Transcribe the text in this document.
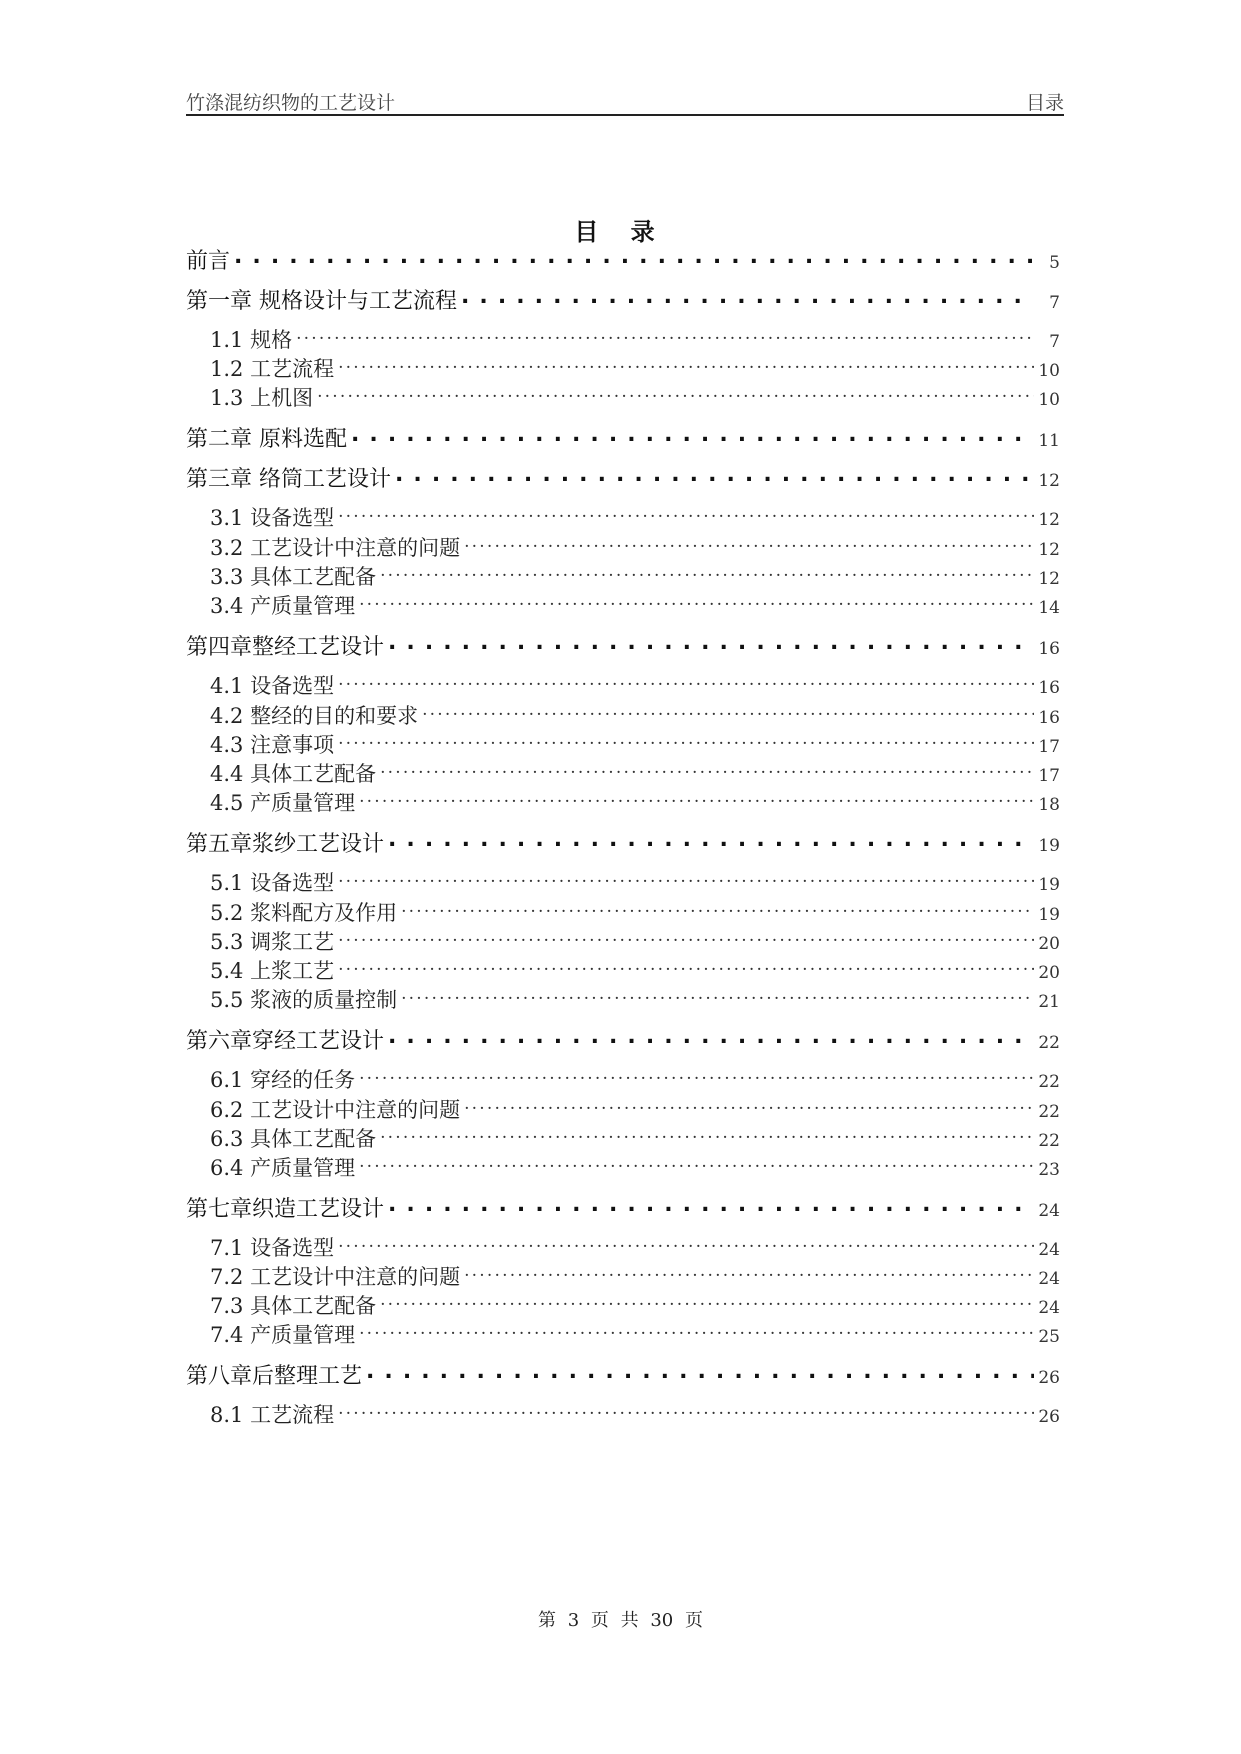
竹涤混纺织物的工艺设计	目录
目 录
前言 . . .	5
第一章 规格设计与工艺流程 . . .	7
1.1 规格 . . .	7
1.2 工艺流程 . . .	10
1.3 上机图 . . .	10
第二章 原料选配 . . .	11
第三章 络筒工艺设计 . . .	12
3.1 设备选型 . . .	12
3.2 工艺设计中注意的问题 . . .	12
3.3 具体工艺配备 . . .	12
3.4 产质量管理 . . .	14
第四章整经工艺设计 . . .	16
4.1 设备选型 . . .	16
4.2 整经的目的和要求 . . .	16
4.3 注意事项 . . .	17
4.4 具体工艺配备 . . .	17
4.5 产质量管理 . . .	18
第五章浆纱工艺设计 . . .	19
5.1 设备选型 . . .	19
5.2 浆料配方及作用 . . .	19
5.3 调浆工艺 . . .	20
5.4 上浆工艺 . . .	20
5.5 浆液的质量控制 . . .	21
第六章穿经工艺设计 . . .	22
6.1 穿经的任务 . . .	22
6.2 工艺设计中注意的问题 . . .	22
6.3 具体工艺配备 . . .	22
6.4 产质量管理 . . .	23
第七章织造工艺设计 . . .	24
7.1 设备选型 . . .	24
7.2 工艺设计中注意的问题 . . .	24
7.3 具体工艺配备 . . .	24
7.4 产质量管理 . . .	25
第八章后整理工艺 . . .	26
8.1 工艺流程 . . .	26
第 3 页 共 30 页
